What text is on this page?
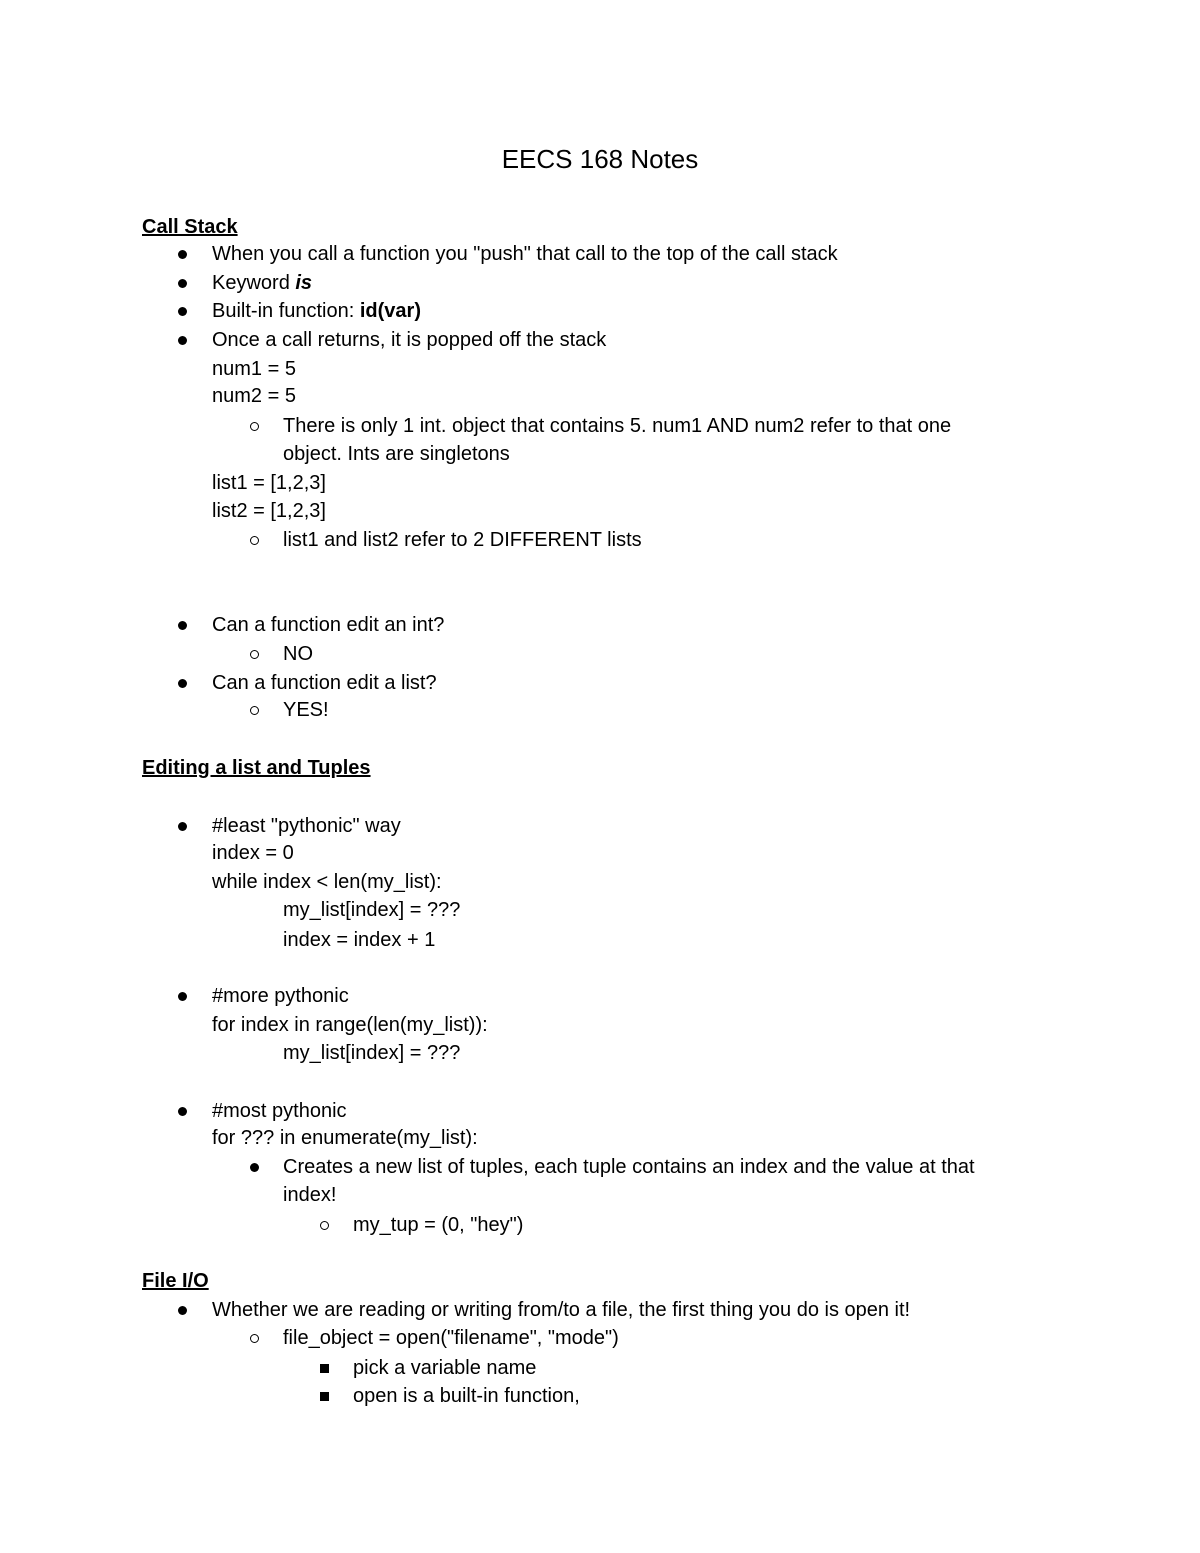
EECS 168 Notes
Call Stack
When you call a function you "push" that call to the top of the call stack
Keyword is
Built-in function: id(var)
Once a call returns, it is popped off the stack
num1 = 5
num2 = 5
There is only 1 int. object that contains 5. num1 AND num2 refer to that one
object. Ints are singletons
list1 = [1,2,3]
list2 = [1,2,3]
list1 and list2 refer to 2 DIFFERENT lists
Can a function edit an int?
NO
Can a function edit a list?
YES!
Editing a list and Tuples
#least "pythonic" way
index = 0
while index < len(my_list):
my_list[index] = ???
index = index + 1
#more pythonic
for index in range(len(my_list)):
my_list[index] = ???
#most pythonic
for ??? in enumerate(my_list):
Creates a new list of tuples, each tuple contains an index and the value at that
index!
my_tup = (0, "hey")
File I/O
Whether we are reading or writing from/to a file, the first thing you do is open it!
file_object = open("filename", "mode")
pick a variable name
open is a built-in function,
